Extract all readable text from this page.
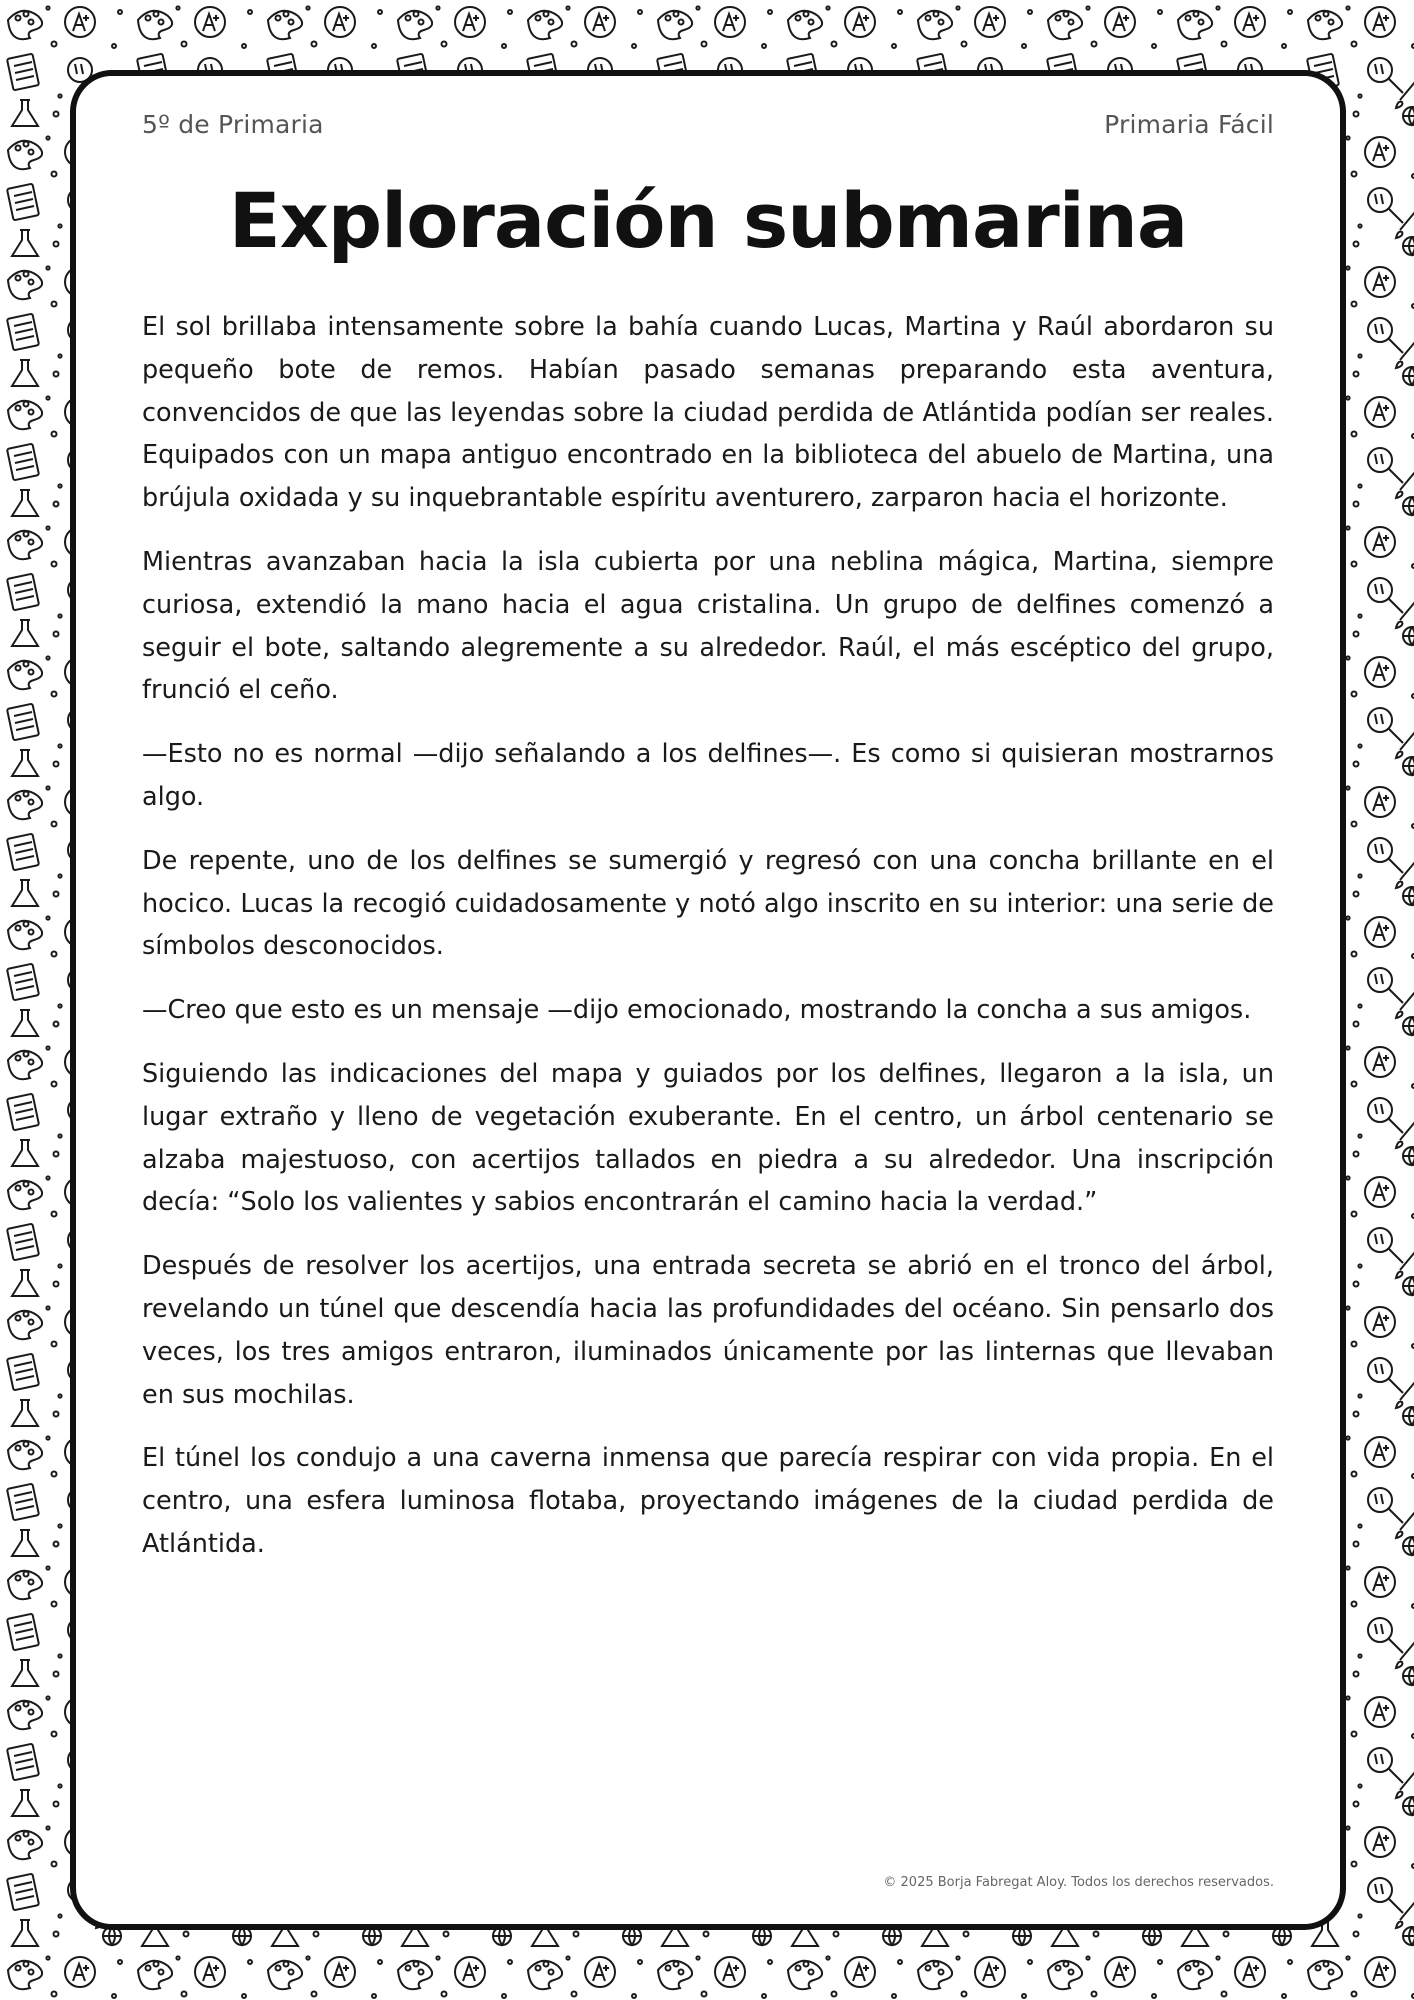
5º de Primaria	Primaria Fácil
Exploración submarina

El sol brillaba intensamente sobre la bahía cuando Lucas, Martina y Raúl abordaron su pequeño bote de remos. Habían pasado semanas preparando esta aventura, convencidos de que las leyendas sobre la ciudad perdida de Atlántida podían ser reales. Equipados con un mapa antiguo encontrado en la biblioteca del abuelo de Martina, una brújula oxidada y su inquebrantable espíritu aventurero, zarparon hacia el horizonte.

Mientras avanzaban hacia la isla cubierta por una neblina mágica, Martina, siempre curiosa, extendió la mano hacia el agua cristalina. Un grupo de delfines comenzó a seguir el bote, saltando alegremente a su alrededor. Raúl, el más escéptico del grupo, frunció el ceño.

—Esto no es normal —dijo señalando a los delfines—. Es como si quisieran mostrarnos algo.

De repente, uno de los delfines se sumergió y regresó con una concha brillante en el hocico. Lucas la recogió cuidadosamente y notó algo inscrito en su interior: una serie de símbolos desconocidos.

—Creo que esto es un mensaje —dijo emocionado, mostrando la concha a sus amigos.

Siguiendo las indicaciones del mapa y guiados por los delfines, llegaron a la isla, un lugar extraño y lleno de vegetación exuberante. En el centro, un árbol centenario se alzaba majestuoso, con acertijos tallados en piedra a su alrededor. Una inscripción decía: “Solo los valientes y sabios encontrarán el camino hacia la verdad.”

Después de resolver los acertijos, una entrada secreta se abrió en el tronco del árbol, revelando un túnel que descendía hacia las profundidades del océano. Sin pensarlo dos veces, los tres amigos entraron, iluminados únicamente por las linternas que llevaban en sus mochilas.

El túnel los condujo a una caverna inmensa que parecía respirar con vida propia. En el centro, una esfera luminosa flotaba, proyectando imágenes de la ciudad perdida de Atlántida.

© 2025 Borja Fabregat Aloy. Todos los derechos reservados.
